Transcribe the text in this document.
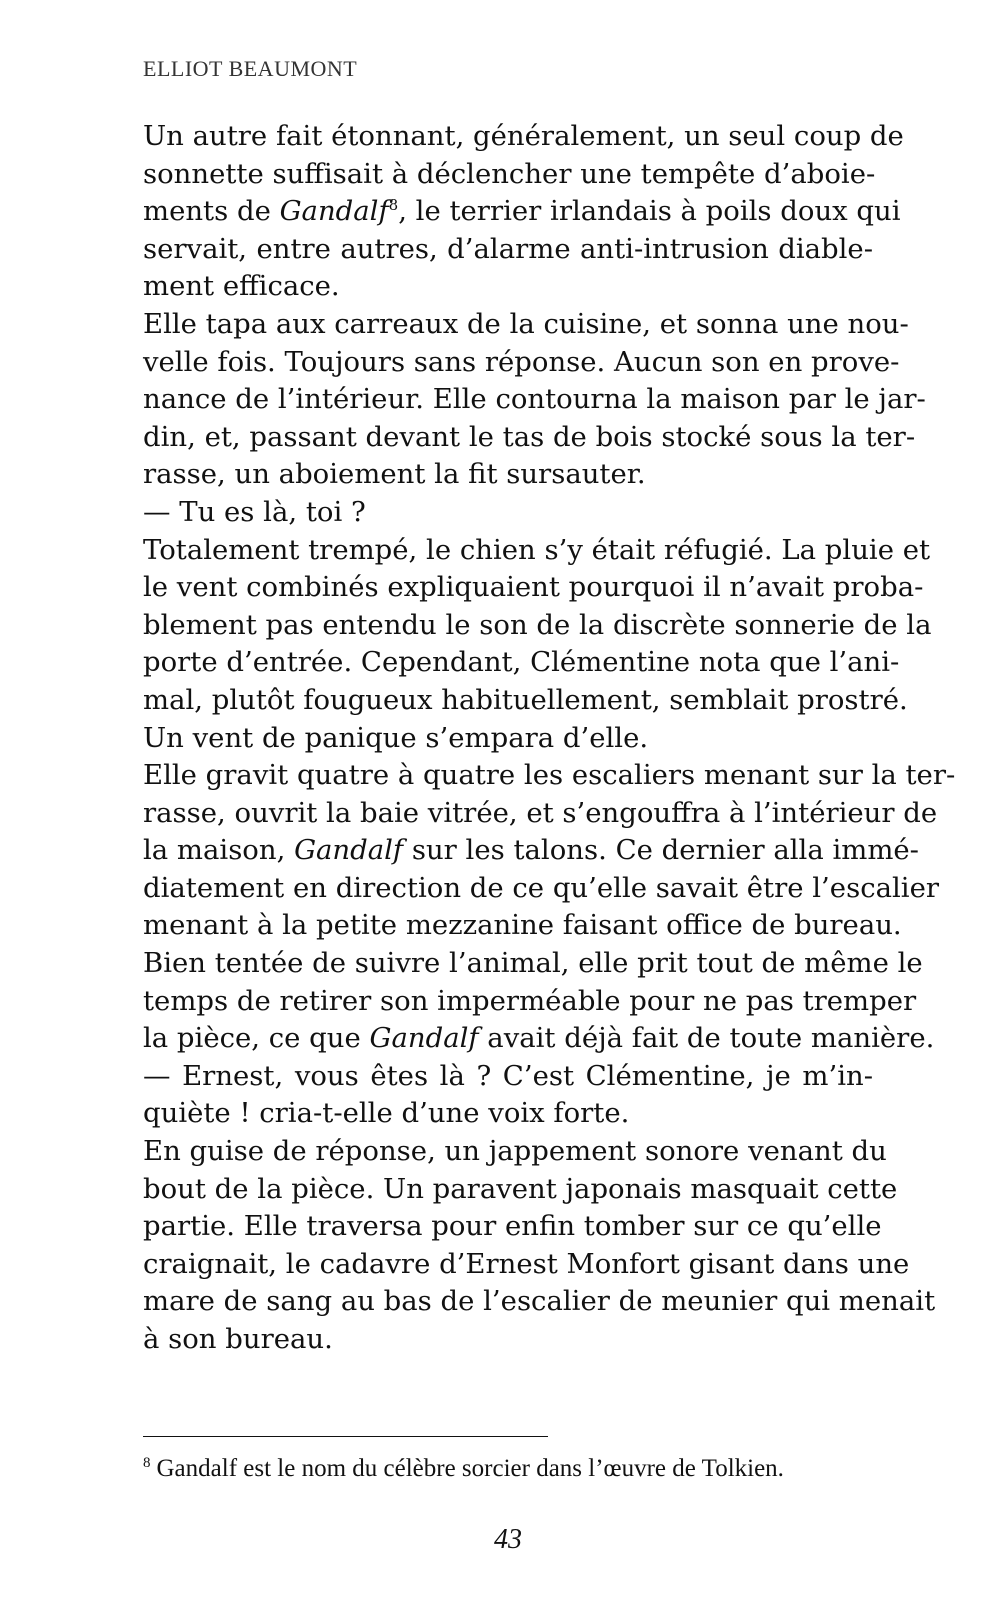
ELLIOT BEAUMONT
Un autre fait étonnant, généralement, un seul coup de
sonnette suffisait à déclencher une tempête d’aboie-
ments de Gandalf$^8$, le terrier irlandais à poils doux qui
servait, entre autres, d’alarme anti-intrusion diable-
ment efficace.
Elle tapa aux carreaux de la cuisine, et sonna une nou-
velle fois. Toujours sans réponse. Aucun son en prove-
nance de l’intérieur. Elle contourna la maison par le jar-
din, et, passant devant le tas de bois stocké sous la ter-
rasse, un aboiement la fit sursauter.
— Tu es là, toi ?
Totalement trempé, le chien s’y était réfugié. La pluie et
le vent combinés expliquaient pourquoi il n’avait proba-
blement pas entendu le son de la discrète sonnerie de la
porte d’entrée. Cependant, Clémentine nota que l’ani-
mal, plutôt fougueux habituellement, semblait prostré.
Un vent de panique s’empara d’elle.
Elle gravit quatre à quatre les escaliers menant sur la ter-
rasse, ouvrit la baie vitrée, et s’engouffra à l’intérieur de
la maison, Gandalf sur les talons. Ce dernier alla immé-
diatement en direction de ce qu’elle savait être l’escalier
menant à la petite mezzanine faisant office de bureau.
Bien tentée de suivre l’animal, elle prit tout de même le
temps de retirer son imperméable pour ne pas tremper
la pièce, ce que Gandalf avait déjà fait de toute manière.
— Ernest, vous êtes là ? C’est Clémentine, je m’in-
quiète ! cria-t-elle d’une voix forte.
En guise de réponse, un jappement sonore venant du
bout de la pièce. Un paravent japonais masquait cette
partie. Elle traversa pour enfin tomber sur ce qu’elle
craignait, le cadavre d’Ernest Monfort gisant dans une
mare de sang au bas de l’escalier de meunier qui menait
à son bureau.
$^8$ Gandalf est le nom du célèbre sorcier dans l’œuvre de Tolkien.
43
